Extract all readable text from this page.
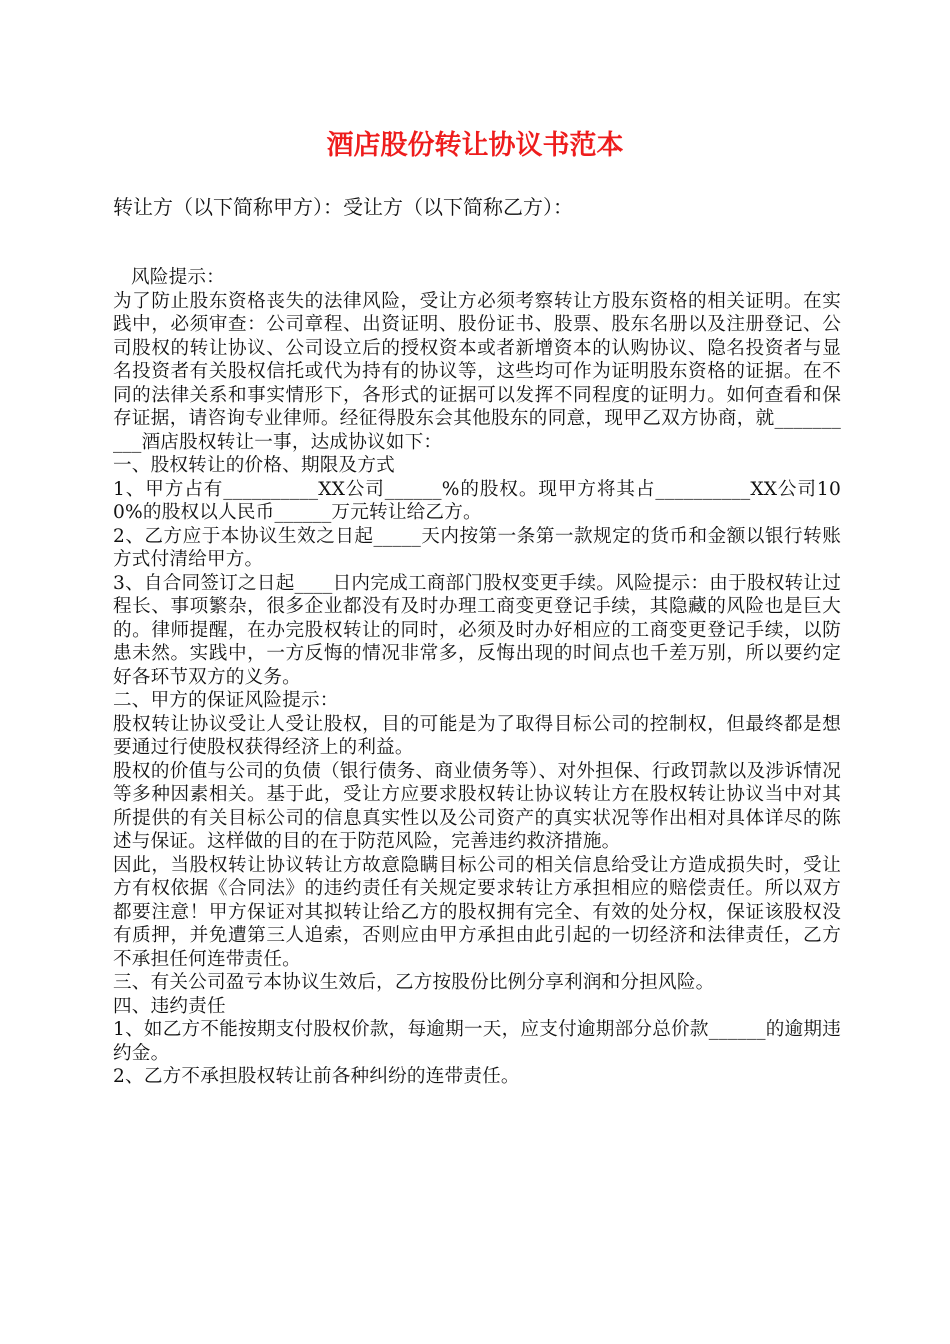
酒店股份转让协议书范本

转让方（以下简称甲方）：受让方（以下简称乙方）：

风险提示：

为了防止股东资格丧失的法律风险，受让方必须考察转让方股东资格的相关证明。在实践中，必须审查：公司章程、出资证明、股份证书、股票、股东名册以及注册登记、公司股权的转让协议、公司设立后的授权资本或者新增资本的认购协议、隐名投资者与显名投资者有关股权信托或代为持有的协议等，这些均可作为证明股东资格的证据。在不同的法律关系和事实情形下，各形式的证据可以发挥不同程度的证明力。如何查看和保存证据，请咨询专业律师。经征得股东会其他股东的同意，现甲乙双方协商，就__________酒店股权转让一事，达成协议如下：

一、股权转让的价格、期限及方式

1、甲方占有__________XX公司______%的股权。现甲方将其占__________XX公司100%的股权以人民币______万元转让给乙方。

2、乙方应于本协议生效之日起_____天内按第一条第一款规定的货币和金额以银行转账方式付清给甲方。

3、自合同签订之日起____日内完成工商部门股权变更手续。风险提示：由于股权转让过程长、事项繁杂，很多企业都没有及时办理工商变更登记手续，其隐藏的风险也是巨大的。律师提醒，在办完股权转让的同时，必须及时办好相应的工商变更登记手续，以防患未然。实践中，一方反悔的情况非常多，反悔出现的时间点也千差万别，所以要约定好各环节双方的义务。

二、甲方的保证风险提示：

股权转让协议受让人受让股权，目的可能是为了取得目标公司的控制权，但最终都是想要通过行使股权获得经济上的利益。

股权的价值与公司的负债（银行债务、商业债务等）、对外担保、行政罚款以及涉诉情况等多种因素相关。基于此，受让方应要求股权转让协议转让方在股权转让协议当中对其所提供的有关目标公司的信息真实性以及公司资产的真实状况等作出相对具体详尽的陈述与保证。这样做的目的在于防范风险，完善违约救济措施。

因此，当股权转让协议转让方故意隐瞒目标公司的相关信息给受让方造成损失时，受让方有权依据《合同法》的违约责任有关规定要求转让方承担相应的赔偿责任。所以双方都要注意！甲方保证对其拟转让给乙方的股权拥有完全、有效的处分权，保证该股权没有质押，并免遭第三人追索，否则应由甲方承担由此引起的一切经济和法律责任，乙方不承担任何连带责任。

三、有关公司盈亏本协议生效后，乙方按股份比例分享利润和分担风险。

四、违约责任

1、如乙方不能按期支付股权价款，每逾期一天，应支付逾期部分总价款______的逾期违约金。

2、乙方不承担股权转让前各种纠纷的连带责任。
